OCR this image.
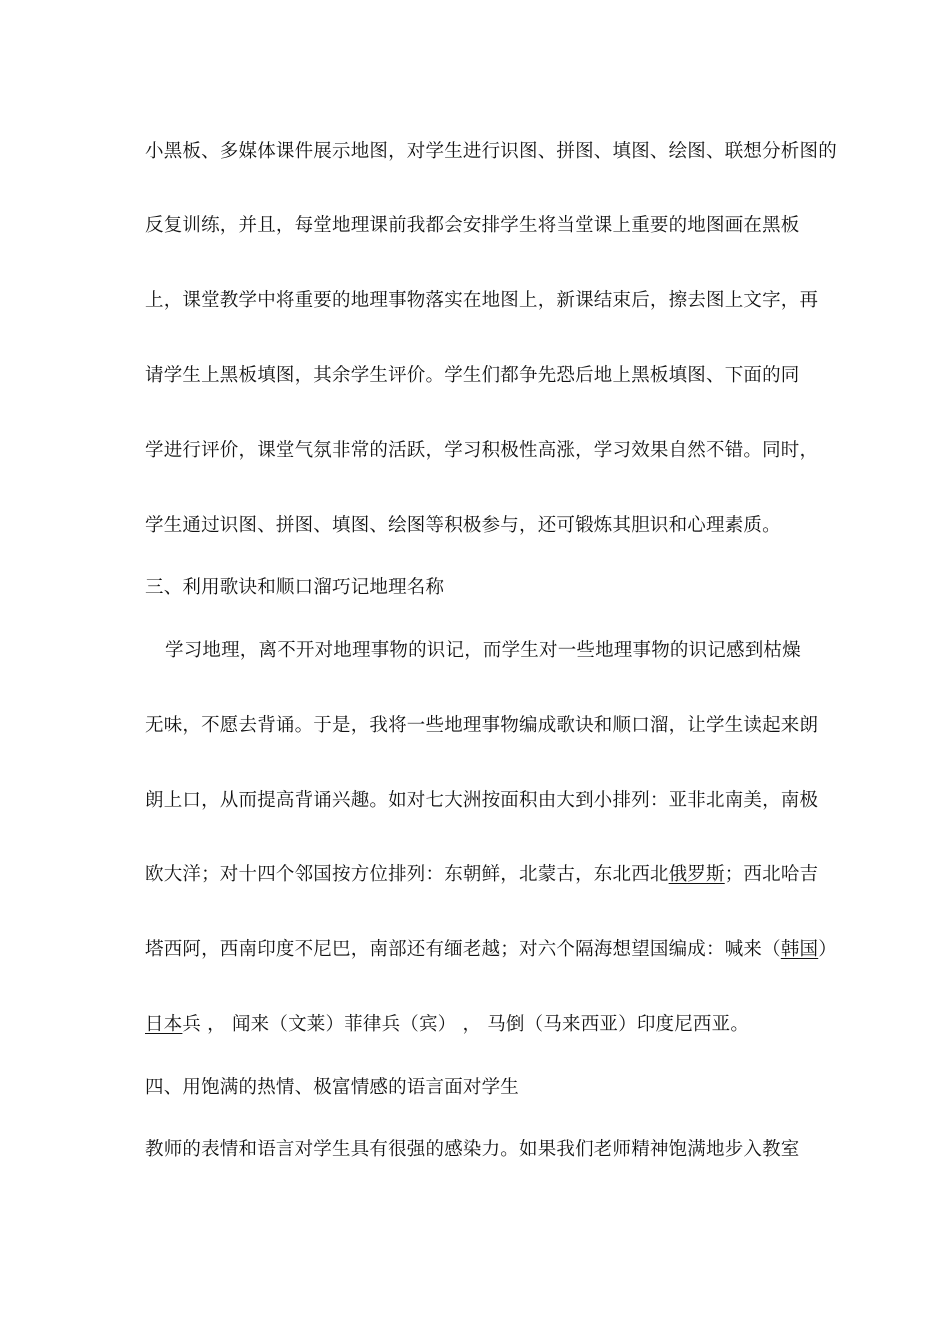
小黑板、多媒体课件展示地图，对学生进行识图、拼图、填图、绘图、联想分析图的
反复训练，并且，每堂地理课前我都会安排学生将当堂课上重要的地图画在黑板
上，课堂教学中将重要的地理事物落实在地图上，新课结束后，擦去图上文字，再
请学生上黑板填图，其余学生评价。学生们都争先恐后地上黑板填图、下面的同
学进行评价，课堂气氛非常的活跃，学习积极性高涨，学习效果自然不错。同时，
学生通过识图、拼图、填图、绘图等积极参与，还可锻炼其胆识和心理素质。
三、利用歌诀和顺口溜巧记地理名称
学习地理，离不开对地理事物的识记，而学生对一些地理事物的识记感到枯燥
无味，不愿去背诵。于是，我将一些地理事物编成歌诀和顺口溜，让学生读起来朗
朗上口，从而提高背诵兴趣。如对七大洲按面积由大到小排列：亚非北南美，南极
欧大洋；对十四个邻国按方位排列：东朝鲜，北蒙古，东北西北俄罗斯；西北哈吉
塔西阿，西南印度不尼巴，南部还有缅老越；对六个隔海想望国编成：喊来（韩国）
日本兵 ， 闻来（文莱）菲律兵（宾） ， 马倒（马来西亚）印度尼西亚。
四、用饱满的热情、极富情感的语言面对学生
教师的表情和语言对学生具有很强的感染力。如果我们老师精神饱满地步入教室
